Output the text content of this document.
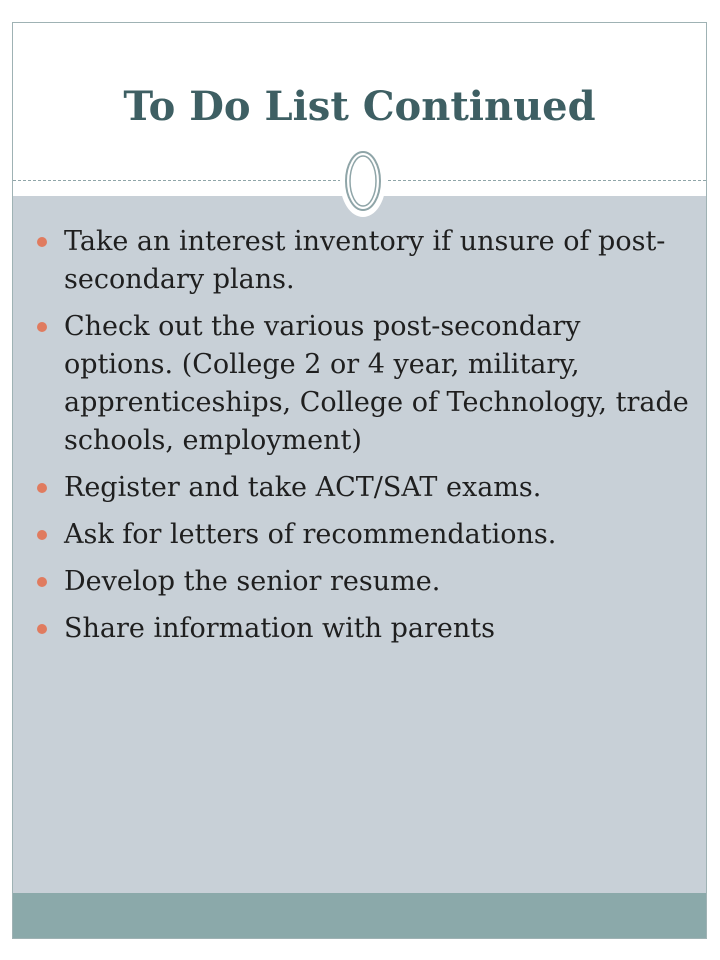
To Do List Continued
Take an interest inventory if unsure of post-secondary plans.
Check out the various post-secondary options. (College 2 or 4 year, military, apprenticeships, College of Technology, trade schools, employment)
Register and take ACT/SAT exams.
Ask for letters of recommendations.
Develop the senior resume.
Share information with parents
